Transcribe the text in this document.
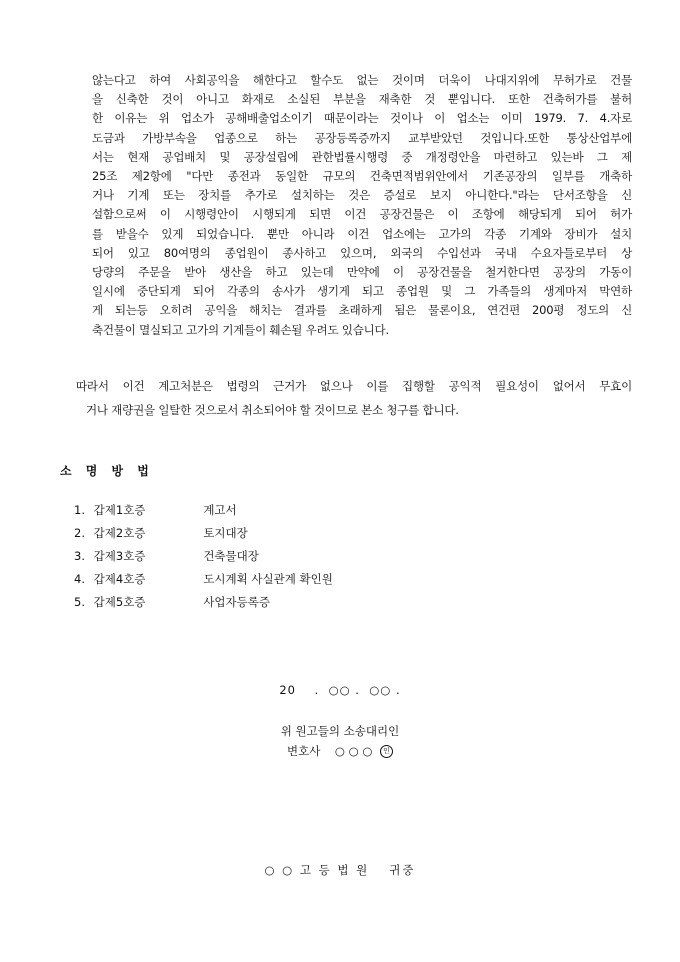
않는다고 하여 사회공익을 해한다고 할수도 없는 것이며 더욱이 나대지위에 무허가로 건물
을 신축한 것이 아니고 화재로 소실된 부분을 재축한 것 뿐입니다. 또한 건축허가를 불허
한 이유는 위 업소가 공해배출업소이기 때문이라는 것이나 이 업소는 이미 1979. 7. 4.자로
도금과 가방부속을 업종으로 하는 공장등록증까지 교부받았던 것입니다.또한 통상산업부에
서는 현재 공업배치 및 공장설립에 관한법률시행령 중 개정령안을 마련하고 있는바 그 제
25조 제2항에 "다만 종전과 동일한 규모의 건축면적범위안에서 기존공장의 일부를 개축하
거나 기계 또는 장치를 추가로 설치하는 것은 증설로 보지 아니한다."라는 단서조항을 신
설함으로써 이 시행령안이 시행되게 되면 이건 공장건물은 이 조항에 해당되게 되어 허가
를 받을수 있게 되었습니다. 뿐만 아니라 이건 업소에는 고가의 각종 기계와 장비가 설치
되어 있고 80여명의 종업원이 종사하고 있으며, 외국의 수입선과 국내 수요자들로부터 상
당량의 주문을 받아 생산을 하고 있는데 만약에 이 공장건물을 철거한다면 공장의 가동이
일시에 중단되게 되어 각종의 송사가 생기게 되고 종업원 및 그 가족들의 생계마저 막연하
게 되는등 오히려 공익을 해치는 결과를 초래하게 됨은 물론이요, 연건편 200평 정도의 신
축건물이 멸실되고 고가의 기계들이 훼손될 우려도 있습니다.
따라서 이건 계고처분은 법령의 근거가 없으나 이를 집행할 공익적 필요성이 없어서 무효이
거나 재량권을 일탈한 것으로서 취소되어야 할 것이므로 본소 청구를 합니다.
소 명 방 법
1. 갑제1호증	계고서
2. 갑제2호증	토지대장
3. 갑제3호증	건축물대장
4. 갑제4호증	도시계획 사실관계 확인원
5. 갑제5호증	사업자등록증
20    .  ○○ .  ○○ .
위 원고들의 소송대리인
변호사    ○ ○ ○ 인
○ ○ 고 등 법 원 귀중
